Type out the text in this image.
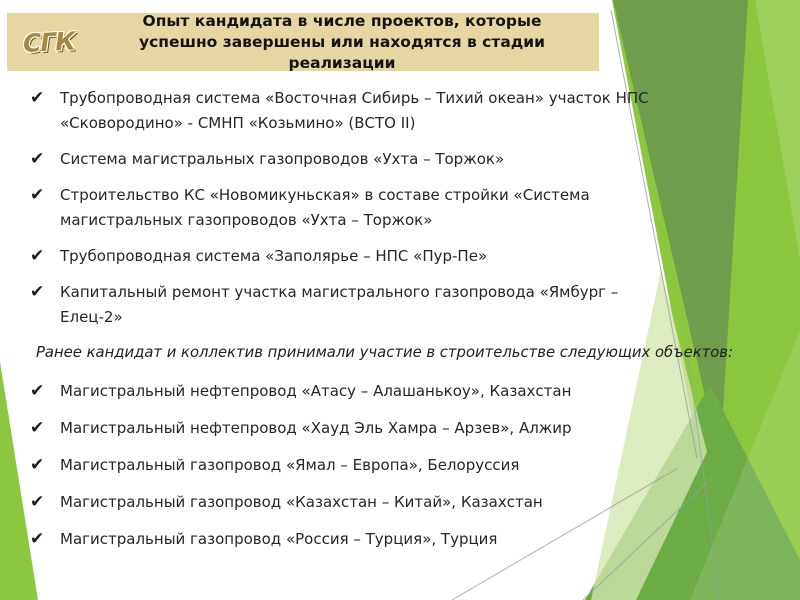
СГК
Опыт кандидата в числе проектов, которые успешно завершены или находятся в стадии реализации
✔	Трубопроводная система «Восточная Сибирь – Тихий океан» участок НПС «Сковородино» - СМНП «Козьмино» (ВСТО II)
✔	Система магистральных газопроводов «Ухта – Торжок»
✔	Строительство КС «Новомикуньская» в составе стройки «Система магистральных газопроводов «Ухта – Торжок»
✔	Трубопроводная система «Заполярье – НПС «Пур-Пе»
✔	Капитальный ремонт участка магистрального газопровода «Ямбург – Елец-2»
Ранее кандидат и коллектив принимали участие в строительстве следующих объектов:
✔	Магистральный нефтепровод «Атасу – Алашанькоу», Казахстан
✔	Магистральный нефтепровод «Хауд Эль Хамра – Арзев», Алжир
✔	Магистральный газопровод «Ямал – Европа», Белоруссия
✔	Магистральный газопровод «Казахстан – Китай», Казахстан
✔	Магистральный газопровод «Россия – Турция», Турция
